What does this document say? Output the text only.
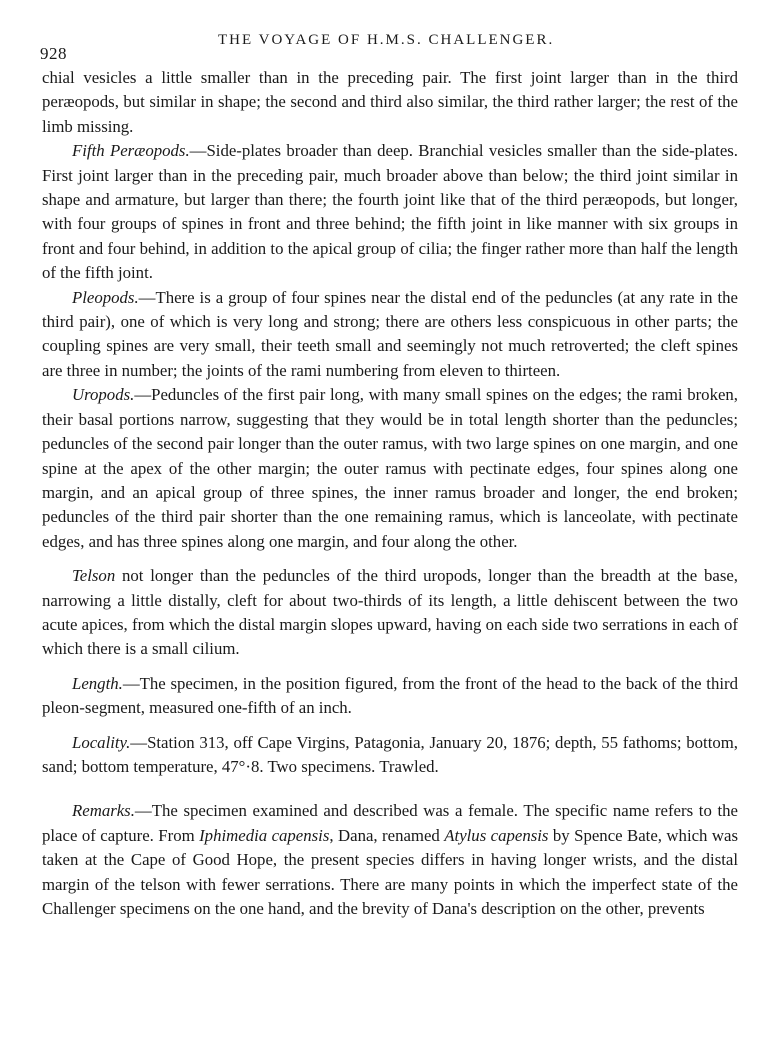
928
THE VOYAGE OF H.M.S. CHALLENGER.

chial vesicles a little smaller than in the preceding pair. The first joint larger than in the third peræopods, but similar in shape; the second and third also similar, the third rather larger; the rest of the limb missing.

Fifth Peræopods.—Side-plates broader than deep. Branchial vesicles smaller than the side-plates. First joint larger than in the preceding pair, much broader above than below; the third joint similar in shape and armature, but larger than there; the fourth joint like that of the third peræopods, but longer, with four groups of spines in front and three behind; the fifth joint in like manner with six groups in front and four behind, in addition to the apical group of cilia; the finger rather more than half the length of the fifth joint.

Pleopods.—There is a group of four spines near the distal end of the peduncles (at any rate in the third pair), one of which is very long and strong; there are others less conspicuous in other parts; the coupling spines are very small, their teeth small and seemingly not much retroverted; the cleft spines are three in number; the joints of the rami numbering from eleven to thirteen.

Uropods.—Peduncles of the first pair long, with many small spines on the edges; the rami broken, their basal portions narrow, suggesting that they would be in total length shorter than the peduncles; peduncles of the second pair longer than the outer ramus, with two large spines on one margin, and one spine at the apex of the other margin; the outer ramus with pectinate edges, four spines along one margin, and an apical group of three spines, the inner ramus broader and longer, the end broken; peduncles of the third pair shorter than the one remaining ramus, which is lanceolate, with pectinate edges, and has three spines along one margin, and four along the other.

Telson not longer than the peduncles of the third uropods, longer than the breadth at the base, narrowing a little distally, cleft for about two-thirds of its length, a little dehiscent between the two acute apices, from which the distal margin slopes upward, having on each side two serrations in each of which there is a small cilium.

Length.—The specimen, in the position figured, from the front of the head to the back of the third pleon-segment, measured one-fifth of an inch.

Locality.—Station 313, off Cape Virgins, Patagonia, January 20, 1876; depth, 55 fathoms; bottom, sand; bottom temperature, 47°·8. Two specimens. Trawled.

Remarks.—The specimen examined and described was a female. The specific name refers to the place of capture. From Iphimedia capensis, Dana, renamed Atylus capensis by Spence Bate, which was taken at the Cape of Good Hope, the present species differs in having longer wrists, and the distal margin of the telson with fewer serrations. There are many points in which the imperfect state of the Challenger specimens on the one hand, and the brevity of Dana's description on the other, prevents
